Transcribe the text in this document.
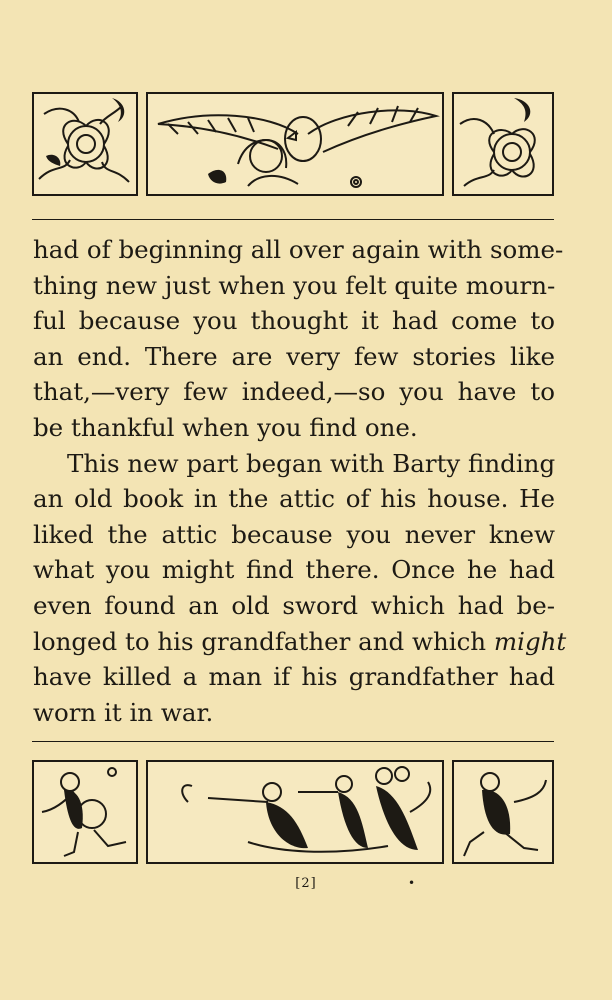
had of beginning all over again with some-
thing new just when you felt quite mourn-
ful because you thought it had come to
an end. There are very few stories like
that,—very few indeed,—so you have to
be thankful when you find one.

This new part began with Barty finding
an old book in the attic of his house. He
liked the attic because you never knew
what you might find there. Once he had
even found an old sword which had be-
longed to his grandfather and which might
have killed a man if his grandfather had
worn it in war.

[2]	•
